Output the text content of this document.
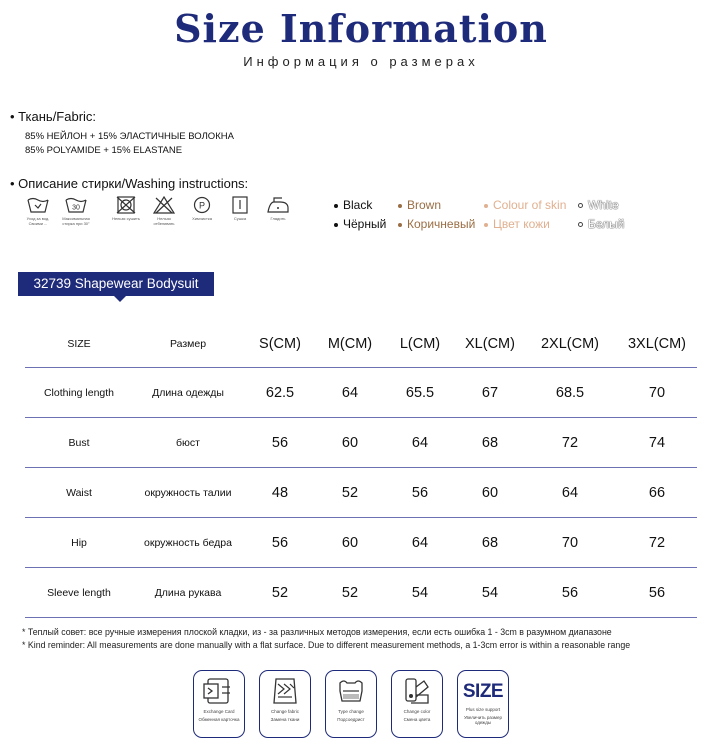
Size Information
Информация о размерах
• Ткань/Fabric:
85% НЕЙЛОН + 15% ЭЛАСТИЧНЫЕ ВОЛОКНА
85% POLYAMIDE + 15% ELASTANE
• Описание стирки/Washing instructions:
Уход за вод. Своими ...
30
Максимальная стирка при 30°
Нельзя сушить	Нельзя отбеливать
P
Химчистка	Сушка	Гладить
Black
Чёрный
Brown
Коричневый
Colour of skin
Цвет кожи
White
Белый
32739 Shapewear Bodysuit
SIZE	Размер	S(CM)	M(CM)	L(CM)	XL(CM)	2XL(CM)	3XL(CM)
Clothing length	Длина одежды	62.5	64	65.5	67	68.5	70
Bust	бюст	56	60	64	68	72	74
Waist	окружность талии	48	52	56	60	64	66
Hip	окружность бедра	56	60	64	68	70	72
Sleeve length	Длина рукава	52	52	54	54	56	56
* Теплый совет: все ручные измерения плоской кладки, из - за различных методов измерения, если есть ошибка 1 - 3cm в разумном диапазоне
* Kind reminder: All measurements are done manually with a flat surface. Due to different measurement methods, a 1-3cm error is within a reasonable range
Exchange Card
Обменная карточка
Change fabric
Замена ткани
Type change
Подсоедрист
Change color
Смена цвета
SIZE
Plus size support
Увеличить размер одежды
